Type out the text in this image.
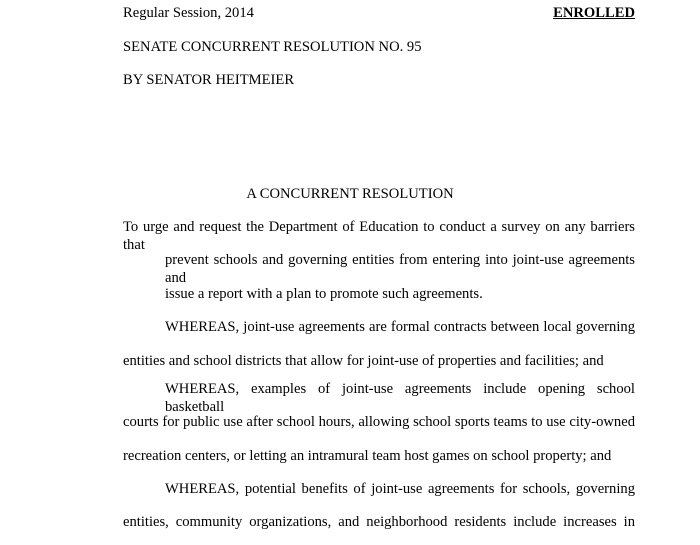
Regular Session, 2014	ENROLLED
SENATE CONCURRENT RESOLUTION NO. 95
BY SENATOR HEITMEIER
A CONCURRENT RESOLUTION
To urge and request the Department of Education to conduct a survey on any barriers that
prevent schools and governing entities from entering into joint-use agreements and
issue a report with a plan to promote such agreements.
WHEREAS, joint-use agreements are formal contracts between local governing
entities and school districts that allow for joint-use of properties and facilities; and
WHEREAS, examples of joint-use agreements include opening school basketball
courts for public use after school hours, allowing school sports teams to use city-owned
recreation centers, or letting an intramural team host games on school property; and
WHEREAS, potential benefits of joint-use agreements for schools, governing
entities, community organizations, and neighborhood residents include increases in
